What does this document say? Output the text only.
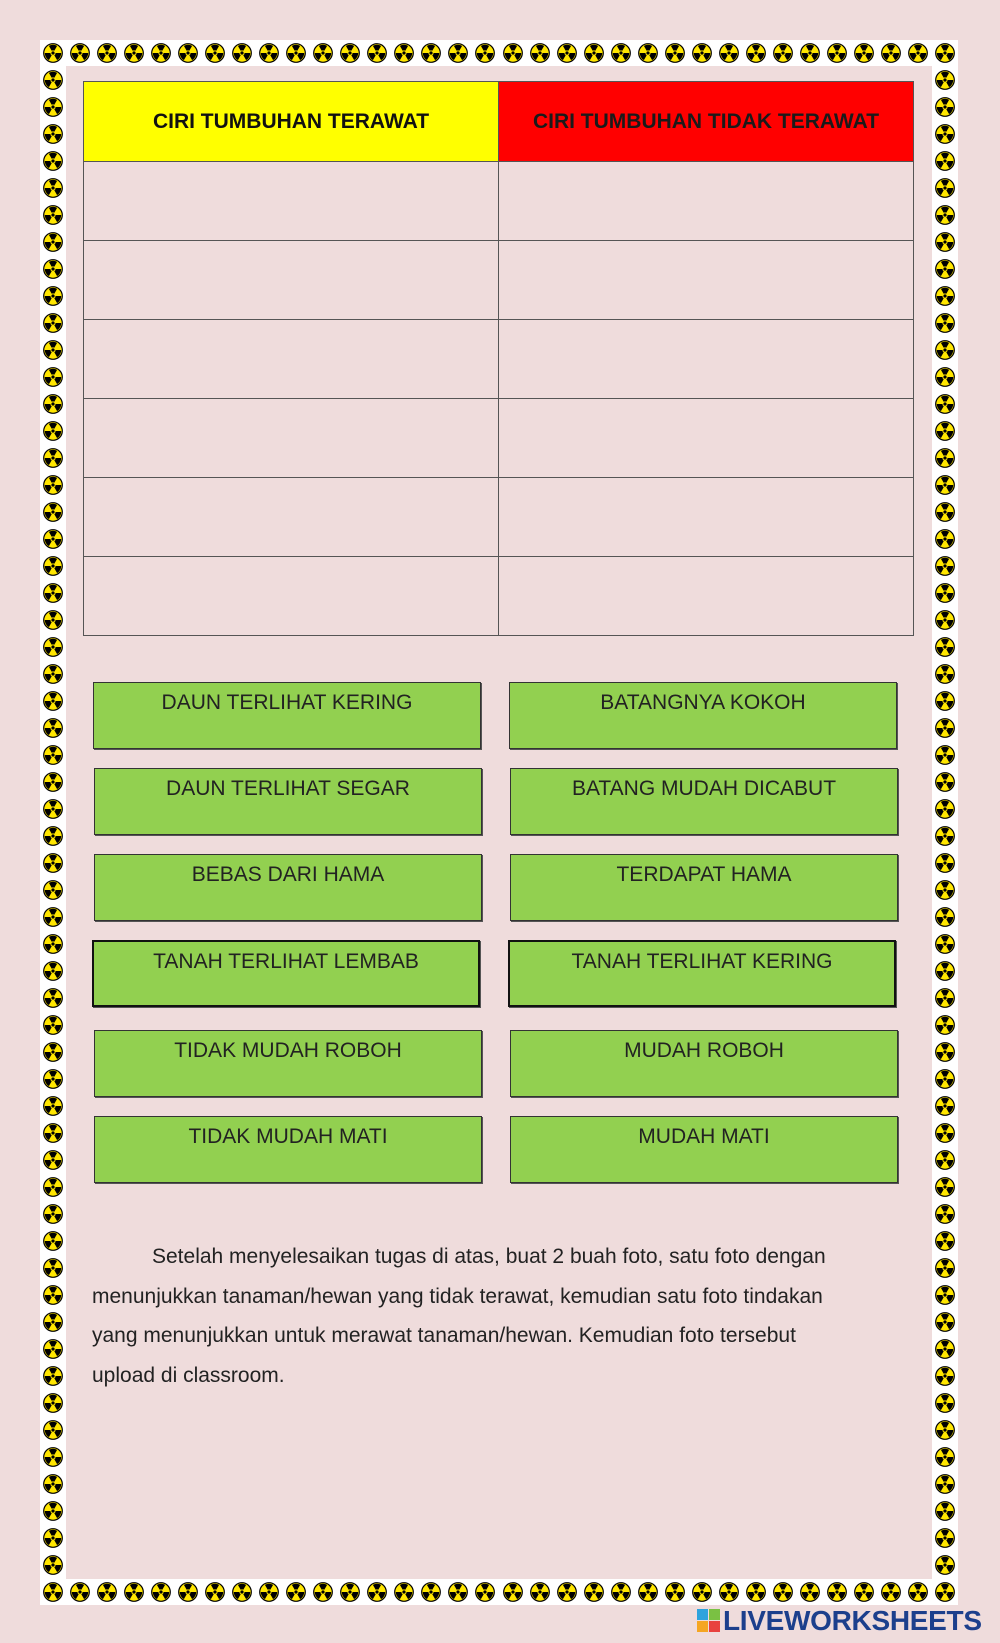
CIRI TUMBUHAN TERAWAT	CIRI TUMBUHAN TIDAK TERAWAT

DAUN TERLIHAT KERING	BATANGNYA KOKOH
DAUN TERLIHAT SEGAR	BATANG MUDAH DICABUT
BEBAS DARI HAMA	TERDAPAT HAMA
TANAH TERLIHAT LEMBAB	TANAH TERLIHAT KERING
TIDAK MUDAH ROBOH	MUDAH ROBOH
TIDAK MUDAH MATI	MUDAH MATI
Setelah menyelesaikan tugas di atas, buat 2 buah foto, satu foto dengan
menunjukkan tanaman/hewan yang tidak terawat, kemudian satu foto tindakan
yang menunjukkan untuk merawat tanaman/hewan. Kemudian foto tersebut
upload di classroom.
LIVEWORKSHEETS
